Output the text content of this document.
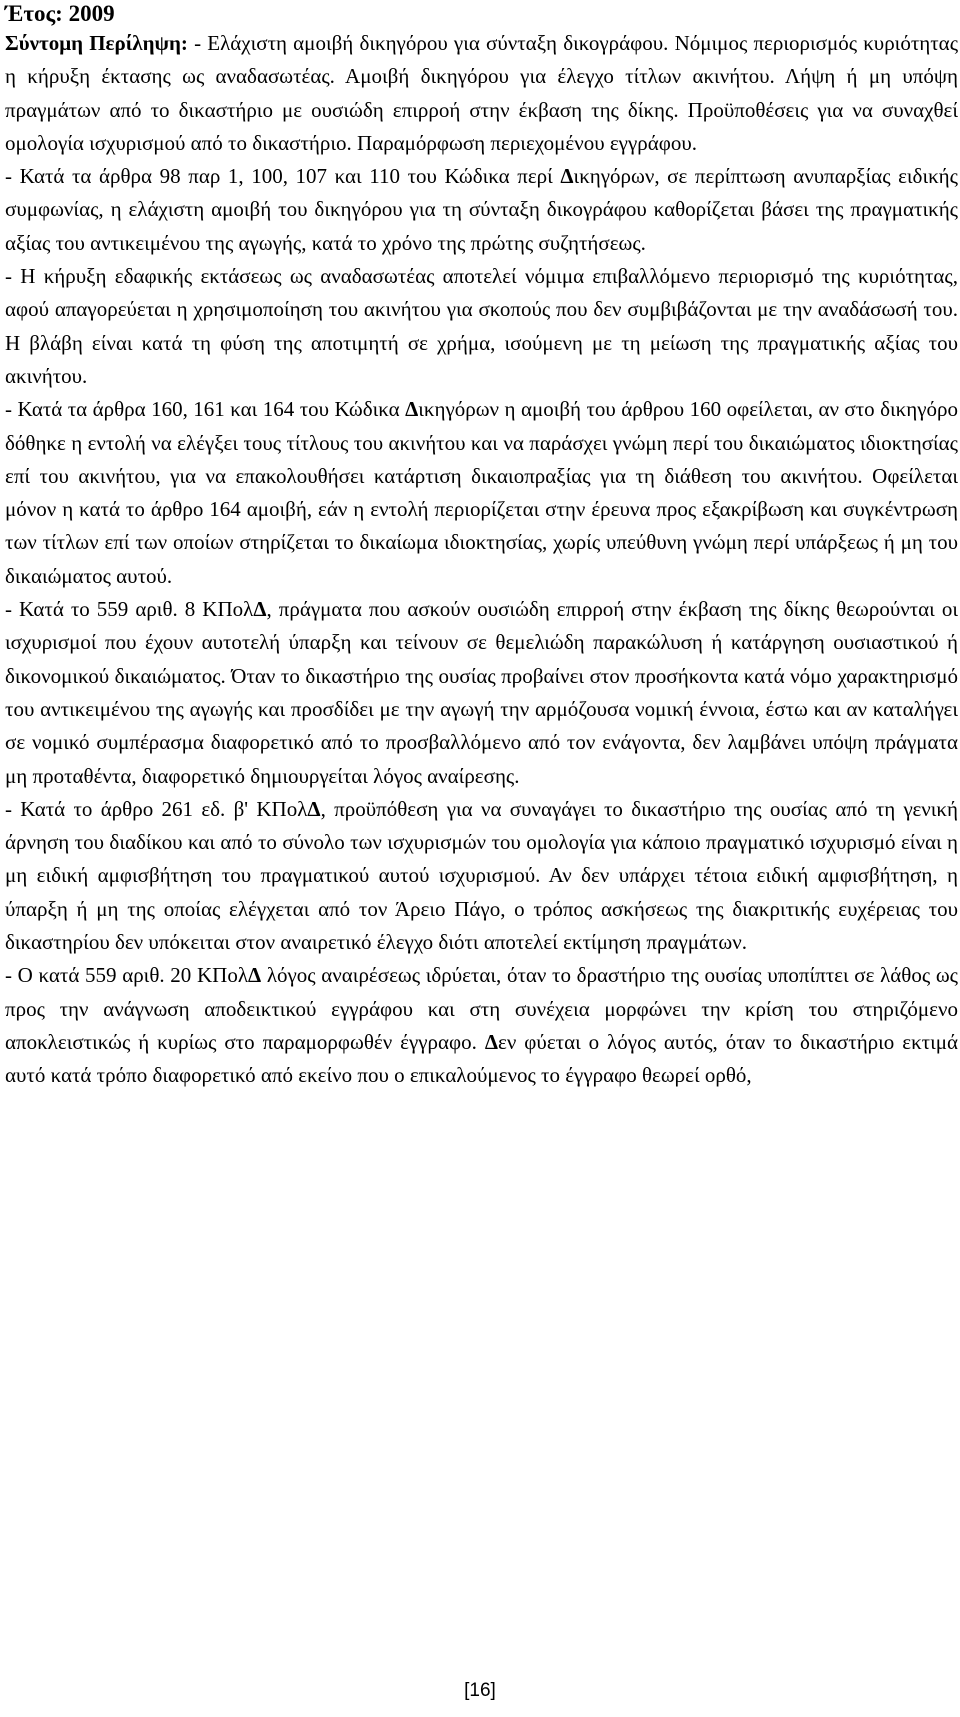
Έτος: 2009

Σύντομη Περίληψη: - Ελάχιστη αμοιβή δικηγόρου για σύνταξη δικογράφου. Νόμιμος περιορισμός κυριότητας η κήρυξη έκτασης ως αναδασωτέας. Αμοιβή δικηγόρου για έλεγχο τίτλων ακινήτου. Λήψη ή μη υπόψη πραγμάτων από το δικαστήριο με ουσιώδη επιρροή στην έκβαση της δίκης. Προϋποθέσεις για να συναχθεί ομολογία ισχυρισμού από το δικαστήριο. Παραμόρφωση περιεχομένου εγγράφου.

- Κατά τα άρθρα 98 παρ 1, 100, 107 και 110 του Κώδικα περί Δικηγόρων, σε περίπτωση ανυπαρξίας ειδικής συμφωνίας, η ελάχιστη αμοιβή του δικηγόρου για τη σύνταξη δικογράφου καθορίζεται βάσει της πραγματικής αξίας του αντικειμένου της αγωγής, κατά το χρόνο της πρώτης συζητήσεως.

- Η κήρυξη εδαφικής εκτάσεως ως αναδασωτέας αποτελεί νόμιμα επιβαλλόμενο περιορισμό της κυριότητας, αφού απαγορεύεται η χρησιμοποίηση του ακινήτου για σκοπούς που δεν συμβιβάζονται με την αναδάσωσή του. Η βλάβη είναι κατά τη φύση της αποτιμητή σε χρήμα, ισούμενη με τη μείωση της πραγματικής αξίας του ακινήτου.

- Κατά τα άρθρα 160, 161 και 164 του Κώδικα Δικηγόρων η αμοιβή του άρθρου 160 οφείλεται, αν στο δικηγόρο δόθηκε η εντολή να ελέγξει τους τίτλους του ακινήτου και να παράσχει γνώμη περί του δικαιώματος ιδιοκτησίας επί του ακινήτου, για να επακολουθήσει κατάρτιση δικαιοπραξίας για τη διάθεση του ακινήτου. Οφείλεται μόνον η κατά το άρθρο 164 αμοιβή, εάν η εντολή περιορίζεται στην έρευνα προς εξακρίβωση και συγκέντρωση των τίτλων επί των οποίων στηρίζεται το δικαίωμα ιδιοκτησίας, χωρίς υπεύθυνη γνώμη περί υπάρξεως ή μη του δικαιώματος αυτού.

- Κατά το 559 αριθ. 8 ΚΠολΔ, πράγματα που ασκούν ουσιώδη επιρροή στην έκβαση της δίκης θεωρούνται οι ισχυρισμοί που έχουν αυτοτελή ύπαρξη και τείνουν σε θεμελιώδη παρακώλυση ή κατάργηση ουσιαστικού ή δικονομικού δικαιώματος. Όταν το δικαστήριο της ουσίας προβαίνει στον προσήκοντα κατά νόμο χαρακτηρισμό του αντικειμένου της αγωγής και προσδίδει με την αγωγή την αρμόζουσα νομική έννοια, έστω και αν καταλήγει σε νομικό συμπέρασμα διαφορετικό από το προσβαλλόμενο από τον ενάγοντα, δεν λαμβάνει υπόψη πράγματα μη προταθέντα, διαφορετικό δημιουργείται λόγος αναίρεσης.

- Κατά το άρθρο 261 εδ. β' ΚΠολΔ, προϋπόθεση για να συναγάγει το δικαστήριο της ουσίας από τη γενική άρνηση του διαδίκου και από το σύνολο των ισχυρισμών του ομολογία για κάποιο πραγματικό ισχυρισμό είναι η μη ειδική αμφισβήτηση του πραγματικού αυτού ισχυρισμού. Αν δεν υπάρχει τέτοια ειδική αμφισβήτηση, η ύπαρξη ή μη της οποίας ελέγχεται από τον Άρειο Πάγο, ο τρόπος ασκήσεως της διακριτικής ευχέρειας του δικαστηρίου δεν υπόκειται στον αναιρετικό έλεγχο διότι αποτελεί εκτίμηση πραγμάτων.

- Ο κατά 559 αριθ. 20 ΚΠολΔ λόγος αναιρέσεως ιδρύεται, όταν το δραστήριο της ουσίας υποπίπτει σε λάθος ως προς την ανάγνωση αποδεικτικού εγγράφου και στη συνέχεια μορφώνει την κρίση του στηριζόμενο αποκλειστικώς ή κυρίως στο παραμορφωθέν έγγραφο. Δεν φύεται ο λόγος αυτός, όταν το δικαστήριο εκτιμά αυτό κατά τρόπο διαφορετικό από εκείνο που ο επικαλούμενος το έγγραφο θεωρεί ορθό,

[16]
